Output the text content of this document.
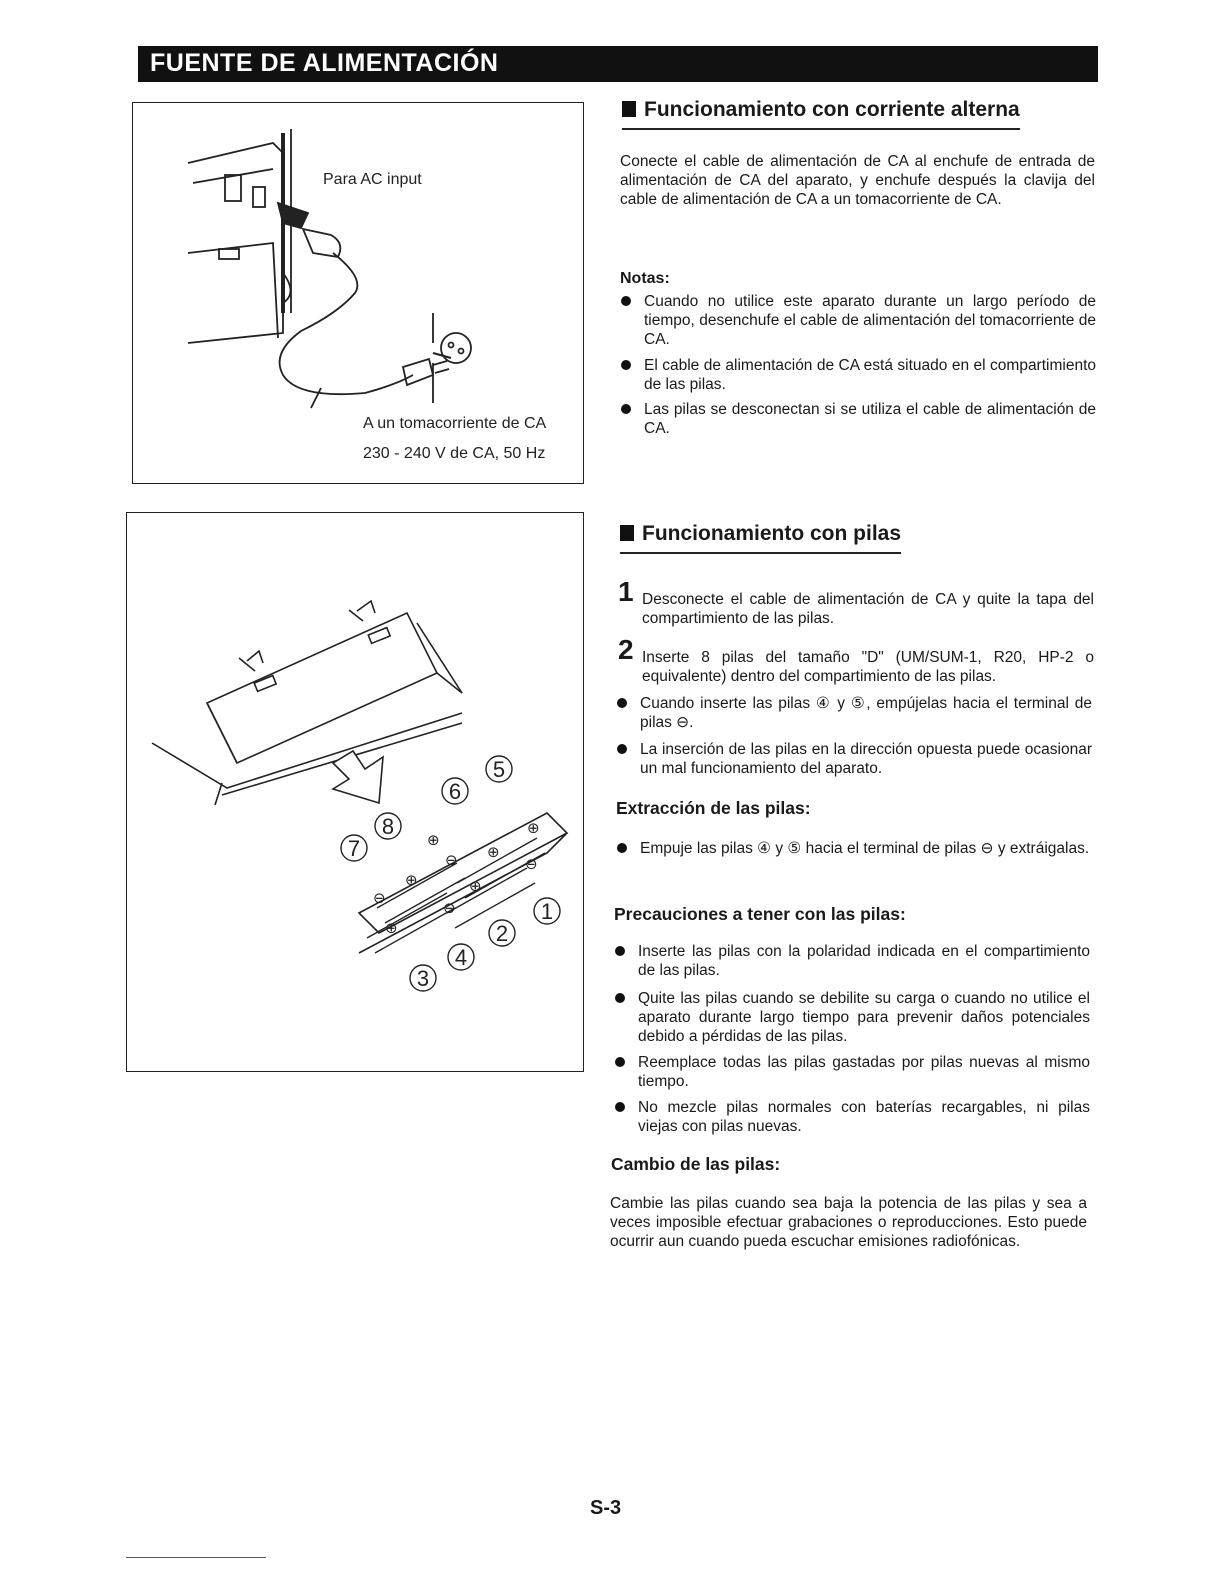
FUENTE DE ALIMENTACIÓN
Para AC input
A un tomacorriente de CA
230 - 240 V de CA, 50 Hz
1
2
3
4
5
6
7
8
⊕
⊕
⊕
⊕
⊕
⊕
⊖
⊖
⊖
⊖
Funcionamiento con corriente alterna
Conecte el cable de alimentación de CA al enchufe de entrada de alimentación de CA del aparato, y enchufe después la clavija del cable de alimentación de CA a un tomacorriente de CA.
Notas:
Cuando no utilice este aparato durante un largo período de tiempo, desenchufe el cable de alimentación del tomacorriente de CA.
El cable de alimentación de CA está situado en el compartimiento de las pilas.
Las pilas se desconectan si se utiliza el cable de alimentación de CA.
Funcionamiento con pilas
1 Desconecte el cable de alimentación de CA y quite la tapa del compartimiento de las pilas.
2 Inserte 8 pilas del tamaño "D" (UM/SUM-1, R20, HP-2 o equivalente) dentro del compartimiento de las pilas.
Cuando inserte las pilas ④ y ⑤, empújelas hacia el terminal de pilas ⊖.
La inserción de las pilas en la dirección opuesta puede ocasionar un mal funcionamiento del aparato.
Extracción de las pilas:
Empuje las pilas ④ y ⑤ hacia el terminal de pilas ⊖ y extráigalas.
Precauciones a tener con las pilas:
Inserte las pilas con la polaridad indicada en el compartimiento de las pilas.
Quite las pilas cuando se debilite su carga o cuando no utilice el aparato durante largo tiempo para prevenir daños potenciales debido a pérdidas de las pilas.
Reemplace todas las pilas gastadas por pilas nuevas al mismo tiempo.
No mezcle pilas normales con baterías recargables, ni pilas viejas con pilas nuevas.
Cambio de las pilas:
Cambie las pilas cuando sea baja la potencia de las pilas y sea a veces imposible efectuar grabaciones o reproducciones. Esto puede ocurrir aun cuando pueda escuchar emisiones radiofónicas.
S-3
